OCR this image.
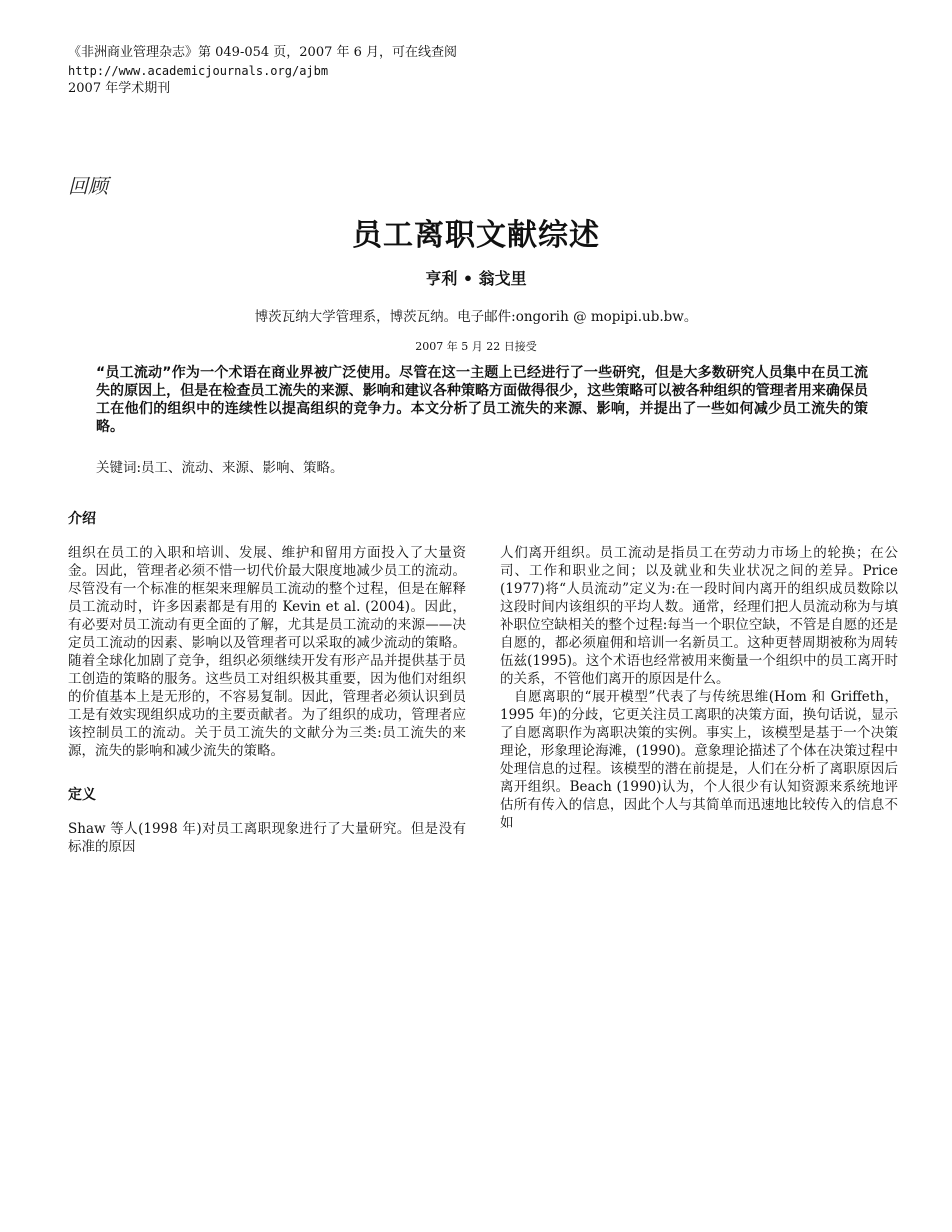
《非洲商业管理杂志》第 049-054 页，2007 年 6 月，可在线查阅
http://www.academicjournals.org/ajbm
2007 年学术期刊
回顾
员工离职文献综述
亨利 • 翁戈里
博茨瓦纳大学管理系，博茨瓦纳。电子邮件:ongorih @ mopipi.ub.bw。
2007 年 5 月 22 日接受
“员工流动”作为一个术语在商业界被广泛使用。尽管在这一主题上已经进行了一些研究，但是大多数研究人员集中在员工流失的原因上，但是在检查员工流失的来源、影响和建议各种策略方面做得很少，这些策略可以被各种组织的管理者用来确保员工在他们的组织中的连续性以提高组织的竞争力。本文分析了员工流失的来源、影响，并提出了一些如何减少员工流失的策略。
关键词:员工、流动、来源、影响、策略。
介绍

组织在员工的入职和培训、发展、维护和留用方面投入了大量资金。因此，管理者必须不惜一切代价最大限度地减少员工的流动。尽管没有一个标准的框架来理解员工流动的整个过程，但是在解释员工流动时，许多因素都是有用的 Kevin et al. (2004)。因此，有必要对员工流动有更全面的了解，尤其是员工流动的来源——决定员工流动的因素、影响以及管理者可以采取的减少流动的策略。随着全球化加剧了竞争，组织必须继续开发有形产品并提供基于员工创造的策略的服务。这些员工对组织极其重要，因为他们对组织的价值基本上是无形的，不容易复制。因此，管理者必须认识到员工是有效实现组织成功的主要贡献者。为了组织的成功，管理者应该控制员工的流动。关于员工流失的文献分为三类:员工流失的来源，流失的影响和减少流失的策略。

定义

Shaw 等人(1998 年)对员工离职现象进行了大量研究。但是没有标准的原因

人们离开组织。员工流动是指员工在劳动力市场上的轮换；在公司、工作和职业之间；以及就业和失业状况之间的差异。Price (1977)将“人员流动”定义为:在一段时间内离开的组织成员数除以这段时间内该组织的平均人数。通常，经理们把人员流动称为与填补职位空缺相关的整个过程:每当一个职位空缺，不管是自愿的还是自愿的，都必须雇佣和培训一名新员工。这种更替周期被称为周转伍兹(1995)。这个术语也经常被用来衡量一个组织中的员工离开时的关系，不管他们离开的原因是什么。

自愿离职的“展开模型”代表了与传统思维(Hom 和 Griffeth，1995 年)的分歧，它更关注员工离职的决策方面，换句话说，显示了自愿离职作为离职决策的实例。事实上，该模型是基于一个决策理论，形象理论海滩，(1990)。意象理论描述了个体在决策过程中处理信息的过程。该模型的潜在前提是，人们在分析了离职原因后离开组织。Beach (1990)认为，个人很少有认知资源来系统地评估所有传入的信息，因此个人与其简单而迅速地比较传入的信息不如
